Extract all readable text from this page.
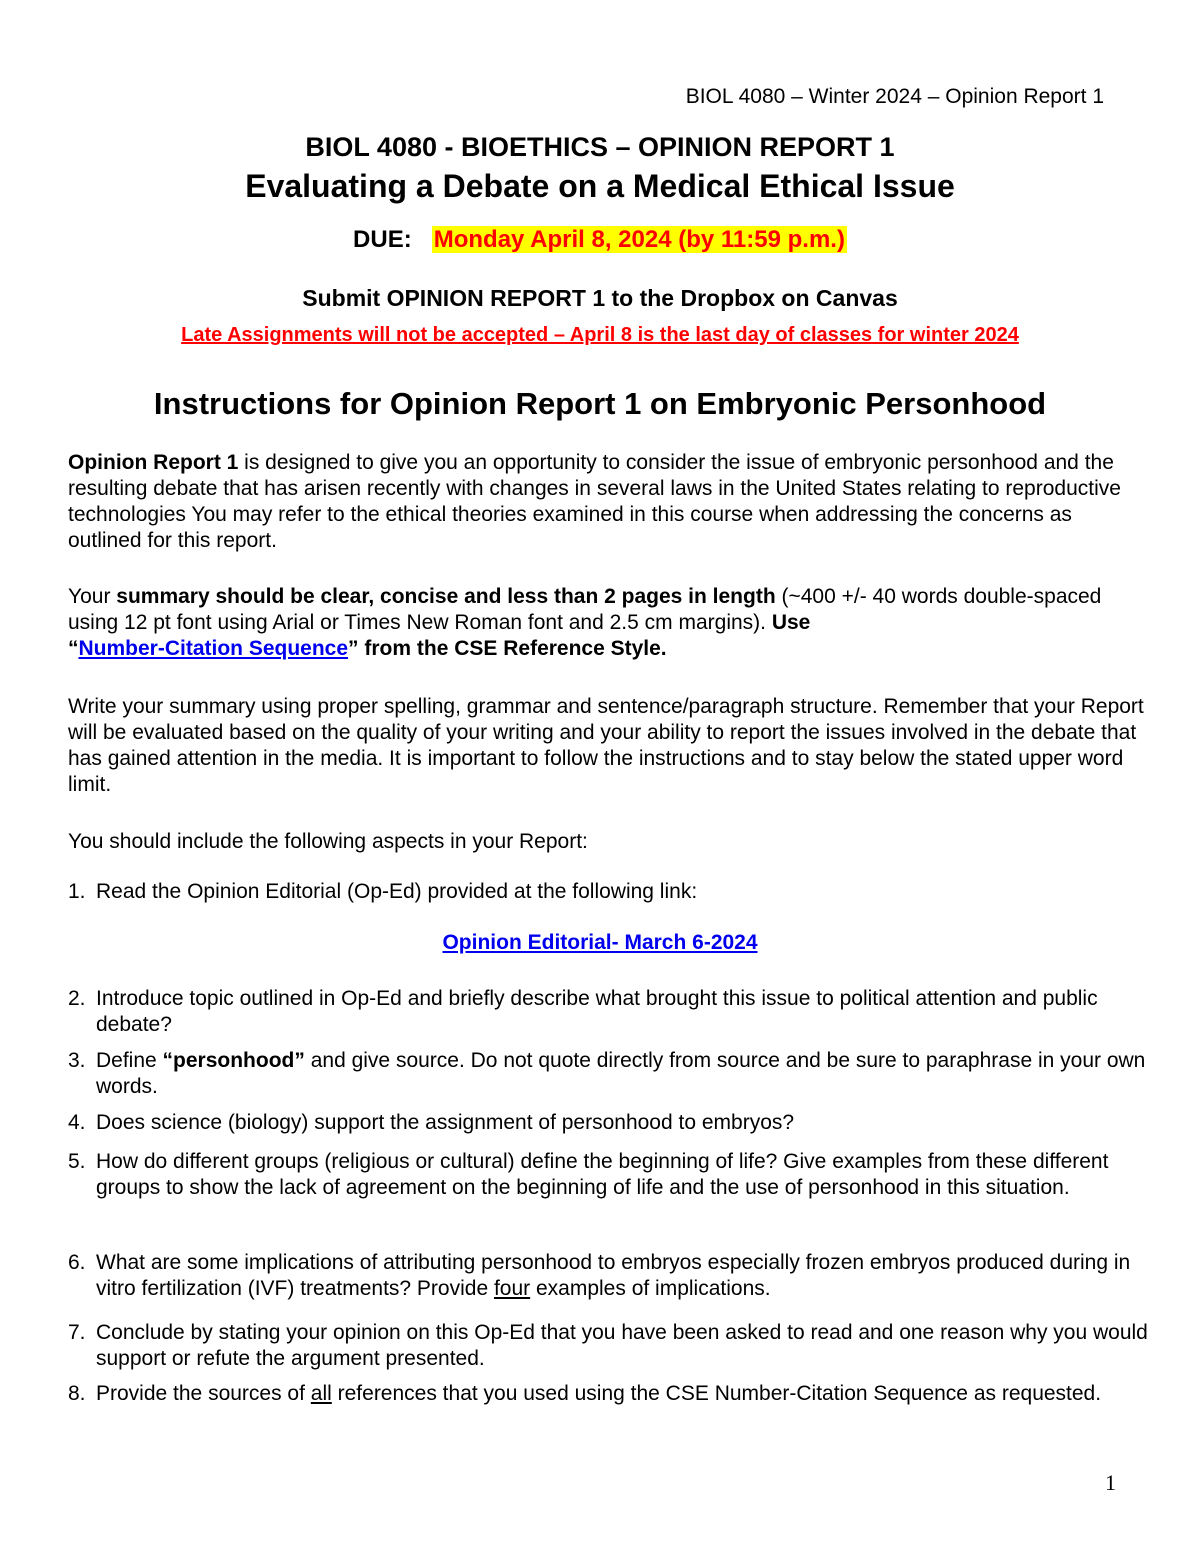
BIOL 4080 – Winter 2024 – Opinion Report 1
BIOL 4080 - BIOETHICS – OPINION REPORT 1
Evaluating a Debate on a Medical Ethical Issue
DUE: Monday April 8, 2024 (by 11:59 p.m.)
Submit OPINION REPORT 1 to the Dropbox on Canvas
Late Assignments will not be accepted – April 8 is the last day of classes for winter 2024
Instructions for Opinion Report 1 on Embryonic Personhood

Opinion Report 1 is designed to give you an opportunity to consider the issue of embryonic personhood and the resulting debate that has arisen recently with changes in several laws in the United States relating to reproductive technologies You may refer to the ethical theories examined in this course when addressing the concerns as outlined for this report.

Your summary should be clear, concise and less than 2 pages in length (~400 +/- 40 words double-spaced using 12 pt font using Arial or Times New Roman font and 2.5 cm margins). Use
“Number-Citation Sequence” from the CSE Reference Style.

Write your summary using proper spelling, grammar and sentence/paragraph structure. Remember that your Report will be evaluated based on the quality of your writing and your ability to report the issues involved in the debate that has gained attention in the media. It is important to follow the instructions and to stay below the stated upper word limit.

You should include the following aspects in your Report:
1. Read the Opinion Editorial (Op-Ed) provided at the following link:
2. Introduce topic outlined in Op-Ed and briefly describe what brought this issue to political attention and public debate?
3. Define “personhood” and give source. Do not quote directly from source and be sure to paraphrase in your own words.
4. Does science (biology) support the assignment of personhood to embryos?
5. How do different groups (religious or cultural) define the beginning of life? Give examples from these different groups to show the lack of agreement on the beginning of life and the use of personhood in this situation.
6. What are some implications of attributing personhood to embryos especially frozen embryos produced during in vitro fertilization (IVF) treatments? Provide four examples of implications.
7. Conclude by stating your opinion on this Op-Ed that you have been asked to read and one reason why you would support or refute the argument presented.
8. Provide the sources of all references that you used using the CSE Number-Citation Sequence as requested.
Opinion Editorial- March 6-2024
1
